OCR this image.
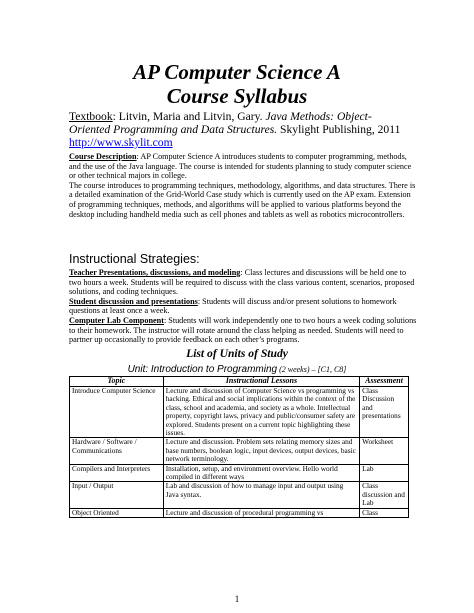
AP Computer Science A
Course Syllabus
Textbook: Litvin, Maria and Litvin, Gary. Java Methods: Object-Oriented Programming and Data Structures. Skylight Publishing, 2011
http://www.skylit.com
Course Description: AP Computer Science A introduces students to computer programming, methods, and the use of the Java language. The course is intended for students planning to study computer science or other technical majors in college.
The course introduces to programming techniques, methodology, algorithms, and data structures. There is a detailed examination of the Grid-World Case study which is currently used on the AP exam. Extension of programming techniques, methods, and algorithms will be applied to various platforms beyond the desktop including handheld media such as cell phones and tablets as well as robotics microcontrollers.
Instructional Strategies:
Teacher Presentations, discussions, and modeling: Class lectures and discussions will be held one to two hours a week. Students will be required to discuss with the class various content, scenarios, proposed solutions, and coding techniques.
Student discussion and presentations: Students will discuss and/or present solutions to homework questions at least once a week.
Computer Lab Component: Students will work independently one to two hours a week coding solutions to their homework. The instructor will rotate around the class helping as needed. Students will need to partner up occasionally to provide feedback on each other’s programs.
List of Units of Study
Unit: Introduction to Programming (2 weeks) – [C1, C8]
Topic	Instructional Lessons	Assessment
Introduce Computer Science	Lecture and discussion of Computer Science vs programming vs hacking. Ethical and social implications within the context of the class, school and academia, and society as a whole. Intellectual property, copyright laws, privacy and public/consumer safety are explored. Students present on a current topic highlighting these issues.	Class Discussion and presentations
Hardware / Software / Communications	Lecture and discussion. Problem sets relating memory sizes and base numbers, boolean logic, input devices, output devices, basic network terminology.	Worksheet
Compilers and Interpreters	Installation, setup, and environment overview. Hello world compiled in different ways	Lab
Input / Output	Lab and discussion of how to manage input and output using Java syntax.	Class discussion and Lab
Object Oriented	Lecture and discussion of procedural programming vs	Class
1
